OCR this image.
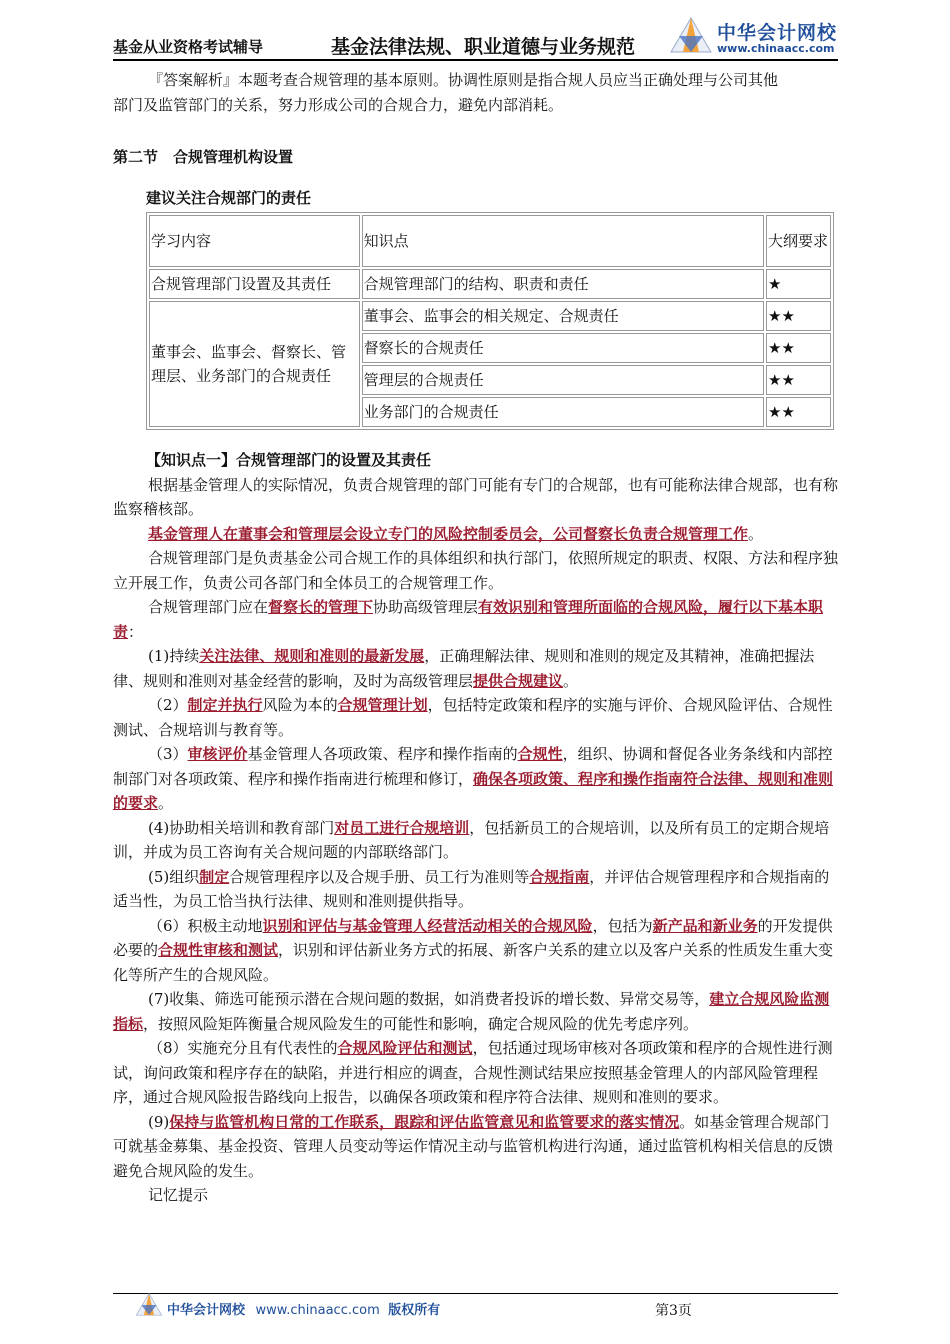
基金从业资格考试辅导	基金法律法规、职业道德与业务规范
中华会计网校
www.chinaacc.com

『答案解析』本题考查合规管理的基本原则。协调性原则是指合规人员应当正确处理与公司其他

部门及监管部门的关系，努力形成公司的合规合力，避免内部消耗。

第二节　合规管理机构设置

建议关注合规部门的责任

学习内容	知识点	大纲要求
合规管理部门设置及其责任	合规管理部门的结构、职责和责任	★
董事会、监事会、督察长、管理层、业务部门的合规责任	董事会、监事会的相关规定、合规责任	★★
	督察长的合规责任	★★
	管理层的合规责任	★★
	业务部门的合规责任	★★

【知识点一】合规管理部门的设置及其责任

根据基金管理人的实际情况，负责合规管理的部门可能有专门的合规部，也有可能称法律合规部，也有称监察稽核部。

基金管理人在董事会和管理层会设立专门的风险控制委员会，公司督察长负责合规管理工作。

合规管理部门是负责基金公司合规工作的具体组织和执行部门，依照所规定的职责、权限、方法和程序独立开展工作，负责公司各部门和全体员工的合规管理工作。

合规管理部门应在督察长的管理下协助高级管理层有效识别和管理所面临的合规风险，履行以下基本职责：

(1)持续关注法律、规则和准则的最新发展，正确理解法律、规则和准则的规定及其精神，准确把握法律、规则和准则对基金经营的影响，及时为高级管理层提供合规建议。

（2）制定并执行风险为本的合规管理计划，包括特定政策和程序的实施与评价、合规风险评估、合规性测试、合规培训与教育等。

（3）审核评价基金管理人各项政策、程序和操作指南的合规性，组织、协调和督促各业务条线和内部控制部门对各项政策、程序和操作指南进行梳理和修订，确保各项政策、程序和操作指南符合法律、规则和准则的要求。

(4)协助相关培训和教育部门对员工进行合规培训，包括新员工的合规培训，以及所有员工的定期合规培训，并成为员工咨询有关合规问题的内部联络部门。

(5)组织制定合规管理程序以及合规手册、员工行为准则等合规指南，并评估合规管理程序和合规指南的适当性，为员工恰当执行法律、规则和准则提供指导。

（6）积极主动地识别和评估与基金管理人经营活动相关的合规风险，包括为新产品和新业务的开发提供必要的合规性审核和测试，识别和评估新业务方式的拓展、新客户关系的建立以及客户关系的性质发生重大变化等所产生的合规风险。

(7)收集、筛选可能预示潜在合规问题的数据，如消费者投诉的增长数、异常交易等，建立合规风险监测指标，按照风险矩阵衡量合规风险发生的可能性和影响，确定合规风险的优先考虑序列。

（8）实施充分且有代表性的合规风险评估和测试，包括通过现场审核对各项政策和程序的合规性进行测试，询问政策和程序存在的缺陷，并进行相应的调查，合规性测试结果应按照基金管理人的内部风险管理程序，通过合规风险报告路线向上报告，以确保各项政策和程序符合法律、规则和准则的要求。

(9)保持与监管机构日常的工作联系，跟踪和评估监管意见和监管要求的落实情况。如基金管理合规部门可就基金募集、基金投资、管理人员变动等运作情况主动与监管机构进行沟通，通过监管机构相关信息的反馈避免合规风险的发生。

记忆提示

中华会计网校 www.chinaacc.com 版权所有	第3页
